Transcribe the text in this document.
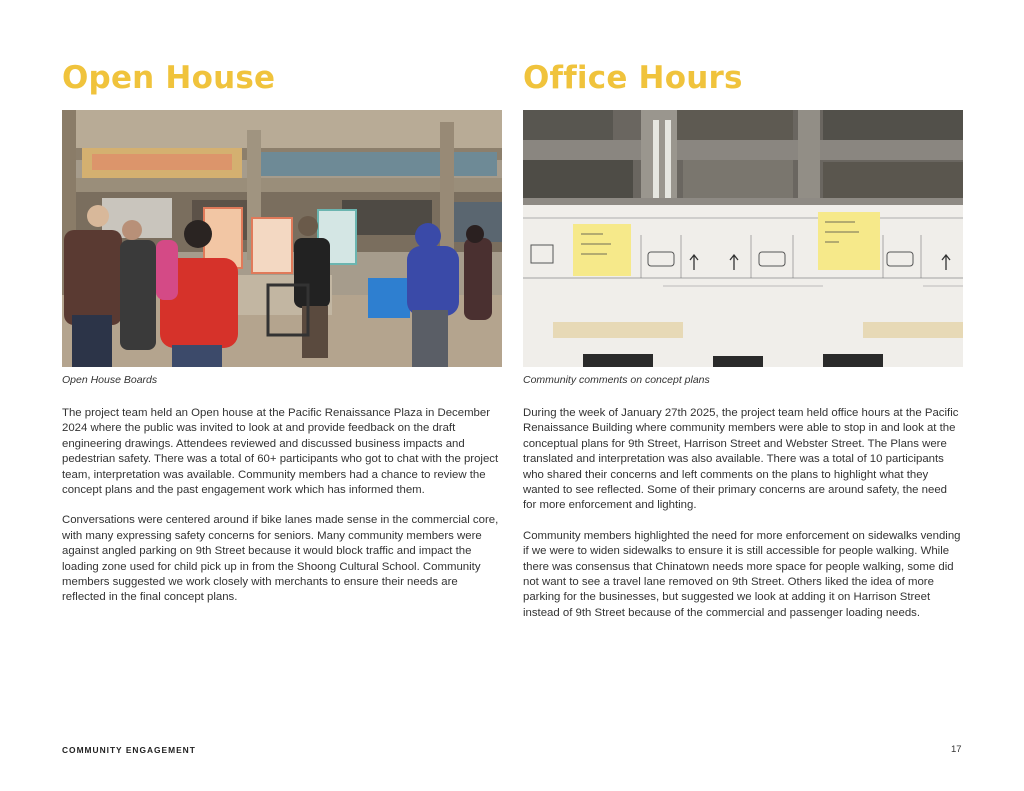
Open House
Open House Boards

The project team held an Open house at the Pacific Renaissance Plaza in December 2024 where the public was invited to look at and provide feedback on the draft engineering drawings. Attendees reviewed and discussed business impacts and pedestrian safety. There was a total of 60+ participants who got to chat with the project team, interpretation was available. Community members had a chance to review the concept plans and the past engagement work which has informed them.

Conversations were centered around if bike lanes made sense in the commercial core, with many expressing safety concerns for seniors. Many community members were against angled parking on 9th Street because it would block traffic and impact the loading zone used for child pick up in from the Shoong Cultural School. Community members suggested we work closely with merchants to ensure their needs are reflected in the final concept plans.

Office Hours
Community comments on concept plans

During the week of January 27th 2025, the project team held office hours at the Pacific Renaissance Building where community members were able to stop in and look at the conceptual plans for 9th Street, Harrison Street and Webster Street. The Plans were translated and interpretation was also available. There was a total of 10 participants who shared their concerns and left comments on the plans to highlight what they wanted to see reflected. Some of their primary concerns are around safety, the need for more enforcement and lighting.

Community members highlighted the need for more enforcement on sidewalks vending if we were to widen sidewalks to ensure it is still accessible for people walking. While there was consensus that Chinatown needs more space for people walking, some did not want to see a travel lane removed on 9th Street. Others liked the idea of more parking for the businesses, but suggested we look at adding it on Harrison Street instead of 9th Street because of the commercial and passenger loading needs.

COMMUNITY ENGAGEMENT	17
